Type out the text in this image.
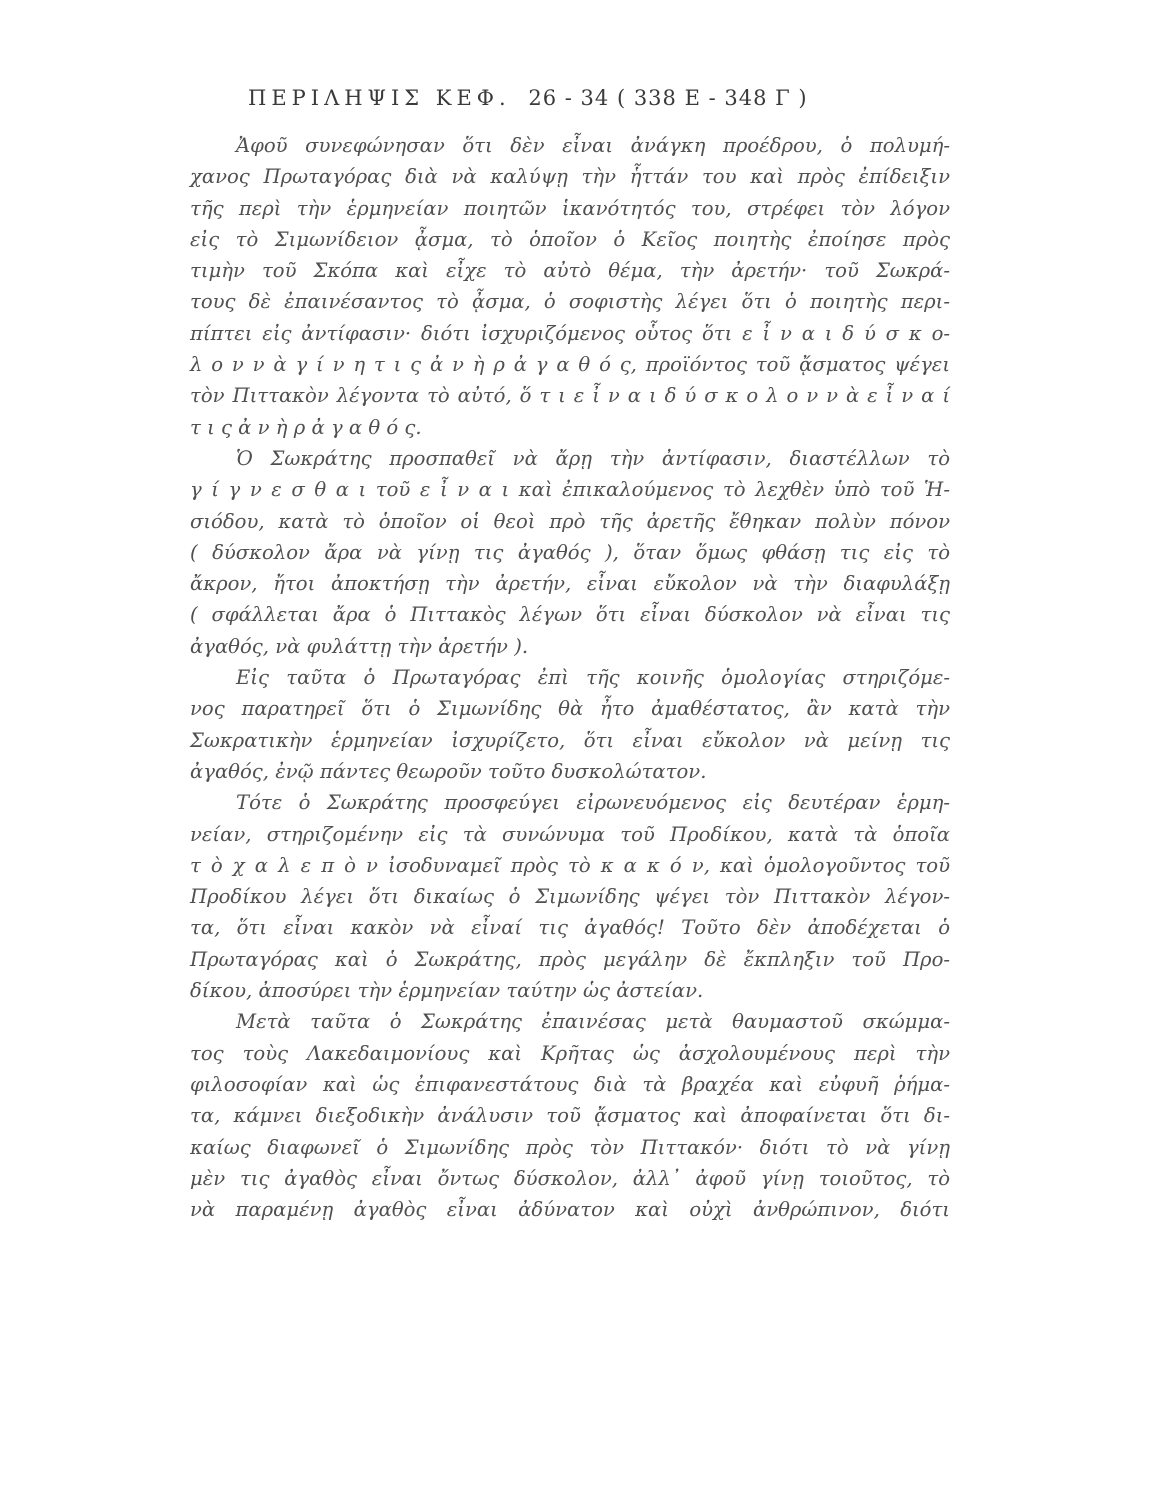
ΠΕΡΙΛΗΨΙΣ ΚΕΦ. 26 - 34 ( 338 Ε - 348 Γ )
Ἀφοῦ συνεφώνησαν ὅτι δὲν εἶναι ἀνάγκη προέδρου, ὁ πολυμή-
χανος Πρωταγόρας διὰ νὰ καλύψῃ τὴν ἧττάν του καὶ πρὸς ἐπίδειξιν
τῆς περὶ τὴν ἑρμηνείαν ποιητῶν ἱκανότητός του, στρέφει τὸν λόγον
εἰς τὸ Σιμωνίδειον ᾆσμα, τὸ ὁποῖον ὁ Κεῖος ποιητὴς ἐποίησε πρὸς
τιμὴν τοῦ Σκόπα καὶ εἶχε τὸ αὐτὸ θέμα, τὴν ἀρετήν· τοῦ Σωκρά-
τους δὲ ἐπαινέσαντος τὸ ᾆσμα, ὁ σοφιστὴς λέγει ὅτι ὁ ποιητὴς περι-
πίπτει εἰς ἀντίφασιν· διότι ἰσχυριζόμενος οὗτος ὅτι ε ἶ ν α ι δ ύ σ κ ο-
λ ο ν ν ὰ γ ί ν η τ ι ς ἀ ν ὴ ρ ἀ γ α θ ό ς, προϊόντος τοῦ ᾄσματος ψέγει
τὸν Πιττακὸν λέγοντα τὸ αὐτό, ὅ τ ι ε ἶ ν α ι δ ύ σ κ ο λ ο ν ν ὰ ε ἶ ν α ί
τ ι ς ἀ ν ὴ ρ ἀ γ α θ ό ς.
Ὁ Σωκράτης προσπαθεῖ νὰ ἄρῃ τὴν ἀντίφασιν, διαστέλλων τὸ
γ ί γ ν ε σ θ α ι τοῦ ε ἶ ν α ι καὶ ἐπικαλούμενος τὸ λεχθὲν ὑπὸ τοῦ Ἡ-
σιόδου, κατὰ τὸ ὁποῖον οἱ θεοὶ πρὸ τῆς ἀρετῆς ἔθηκαν πολὺν πόνον
( δύσκολον ἄρα νὰ γίνῃ τις ἀγαθός ), ὅταν ὅμως φθάσῃ τις εἰς τὸ
ἄκρον, ἤτοι ἀποκτήσῃ τὴν ἀρετήν, εἶναι εὔκολον νὰ τὴν διαφυλάξῃ
( σφάλλεται ἄρα ὁ Πιττακὸς λέγων ὅτι εἶναι δύσκολον νὰ εἶναι τις
ἀγαθός, νὰ φυλάττῃ τὴν ἀρετήν ).
Εἰς ταῦτα ὁ Πρωταγόρας ἐπὶ τῆς κοινῆς ὁμολογίας στηριζόμε-
νος παρατηρεῖ ὅτι ὁ Σιμωνίδης θὰ ἦτο ἀμαθέστατος, ἂν κατὰ τὴν
Σωκρατικὴν ἑρμηνείαν ἰσχυρίζετο, ὅτι εἶναι εὔκολον νὰ μείνῃ τις
ἀγαθός, ἐνῷ πάντες θεωροῦν τοῦτο δυσκολώτατον.
Τότε ὁ Σωκράτης προσφεύγει εἰρωνευόμενος εἰς δευτέραν ἑρμη-
νείαν, στηριζομένην εἰς τὰ συνώνυμα τοῦ Προδίκου, κατὰ τὰ ὁποῖα
τ ὸ χ α λ ε π ὸ ν ἰσοδυναμεῖ πρὸς τὸ κ α κ ό ν, καὶ ὁμολογοῦντος τοῦ
Προδίκου λέγει ὅτι δικαίως ὁ Σιμωνίδης ψέγει τὸν Πιττακὸν λέγον-
τα, ὅτι εἶναι κακὸν νὰ εἶναί τις ἀγαθός! Τοῦτο δὲν ἀποδέχεται ὁ
Πρωταγόρας καὶ ὁ Σωκράτης, πρὸς μεγάλην δὲ ἔκπληξιν τοῦ Προ-
δίκου, ἀποσύρει τὴν ἑρμηνείαν ταύτην ὡς ἀστείαν.
Μετὰ ταῦτα ὁ Σωκράτης ἐπαινέσας μετὰ θαυμαστοῦ σκώμμα-
τος τοὺς Λακεδαιμονίους καὶ Κρῆτας ὡς ἀσχολουμένους περὶ τὴν
φιλοσοφίαν καὶ ὡς ἐπιφανεστάτους διὰ τὰ βραχέα καὶ εὐφυῆ ῥήμα-
τα, κάμνει διεξοδικὴν ἀνάλυσιν τοῦ ᾄσματος καὶ ἀποφαίνεται ὅτι δι-
καίως διαφωνεῖ ὁ Σιμωνίδης πρὸς τὸν Πιττακόν· διότι τὸ νὰ γίνῃ
μὲν τις ἀγαθὸς εἶναι ὄντως δύσκολον, ἀλλ᾽ ἀφοῦ γίνῃ τοιοῦτος, τὸ
νὰ παραμένῃ ἀγαθὸς εἶναι ἀδύνατον καὶ οὐχὶ ἀνθρώπινον, διότι
